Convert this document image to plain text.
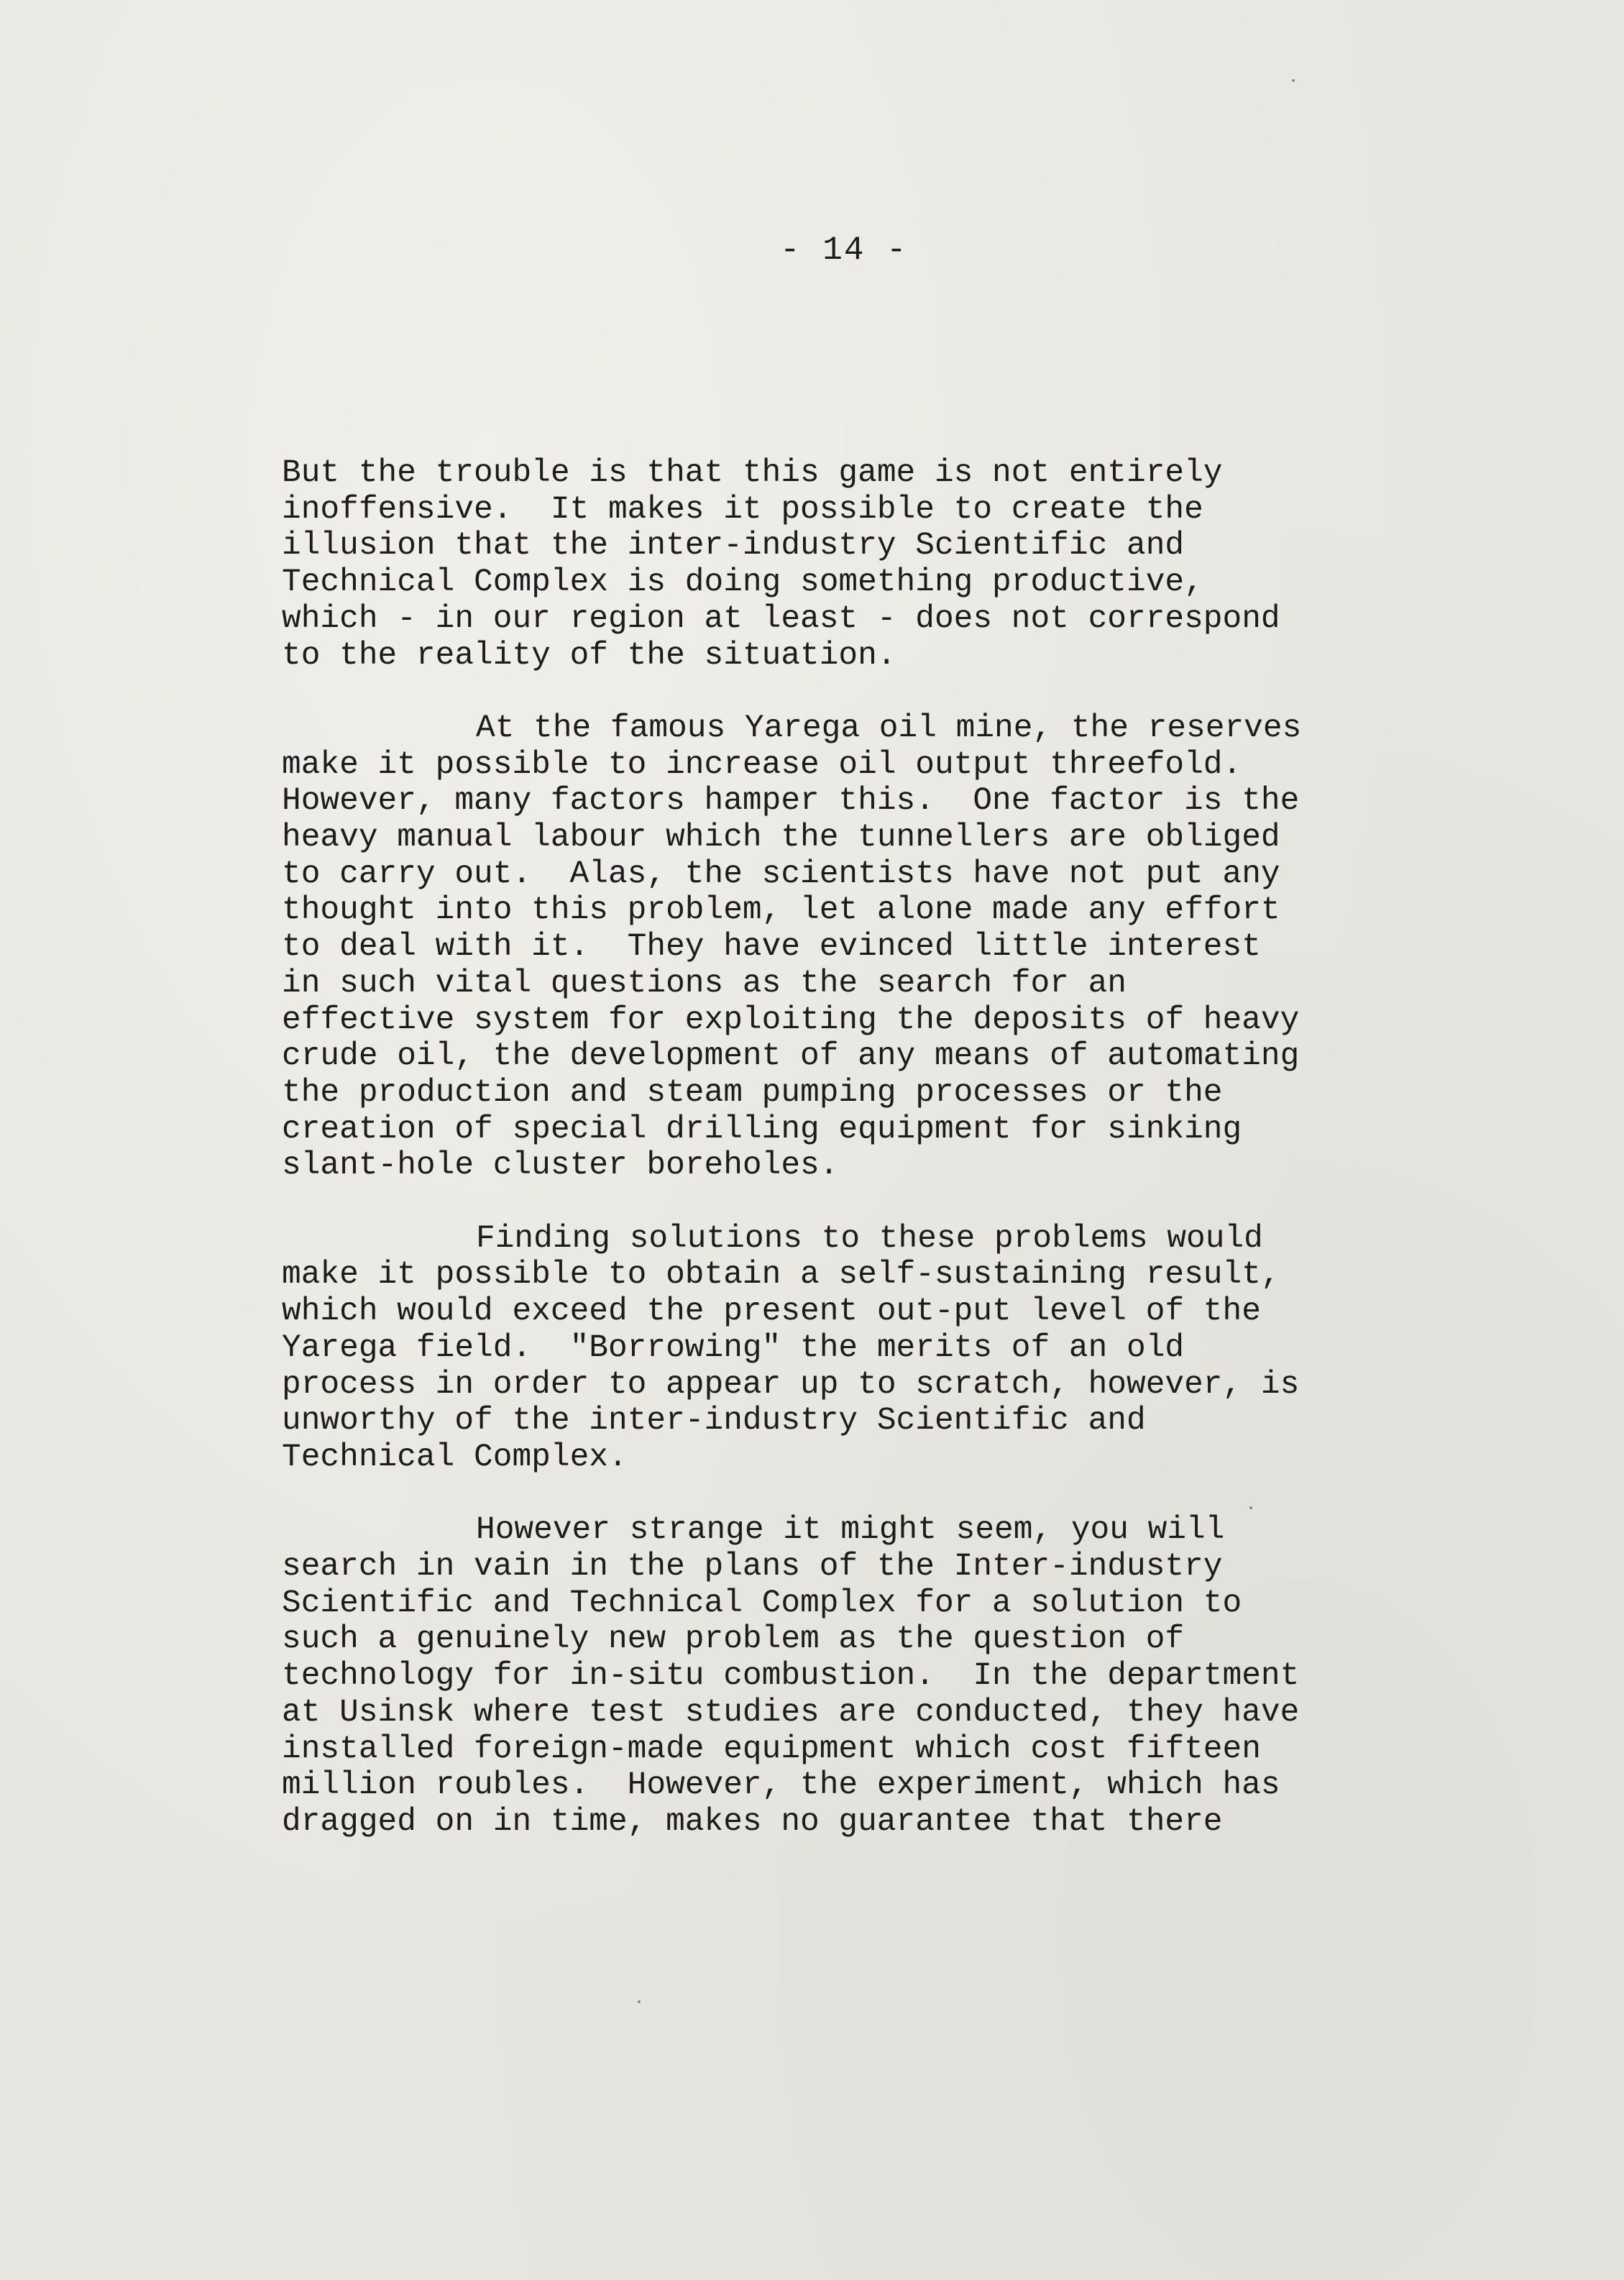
- 14 -
But the trouble is that this game is not entirely
inoffensive.  It makes it possible to create the
illusion that the inter-industry Scientific and
Technical Complex is doing something productive,
which - in our region at least - does not correspond
to the reality of the situation.
At the famous Yarega oil mine, the reserves
make it possible to increase oil output threefold.
However, many factors hamper this.  One factor is the
heavy manual labour which the tunnellers are obliged
to carry out.  Alas, the scientists have not put any
thought into this problem, let alone made any effort
to deal with it.  They have evinced little interest
in such vital questions as the search for an
effective system for exploiting the deposits of heavy
crude oil, the development of any means of automating
the production and steam pumping processes or the
creation of special drilling equipment for sinking
slant-hole cluster boreholes.
Finding solutions to these problems would
make it possible to obtain a self-sustaining result,
which would exceed the present out-put level of the
Yarega field.  "Borrowing" the merits of an old
process in order to appear up to scratch, however, is
unworthy of the inter-industry Scientific and
Technical Complex.
However strange it might seem, you will
search in vain in the plans of the Inter-industry
Scientific and Technical Complex for a solution to
such a genuinely new problem as the question of
technology for in-situ combustion.  In the department
at Usinsk where test studies are conducted, they have
installed foreign-made equipment which cost fifteen
million roubles.  However, the experiment, which has
dragged on in time, makes no guarantee that there
